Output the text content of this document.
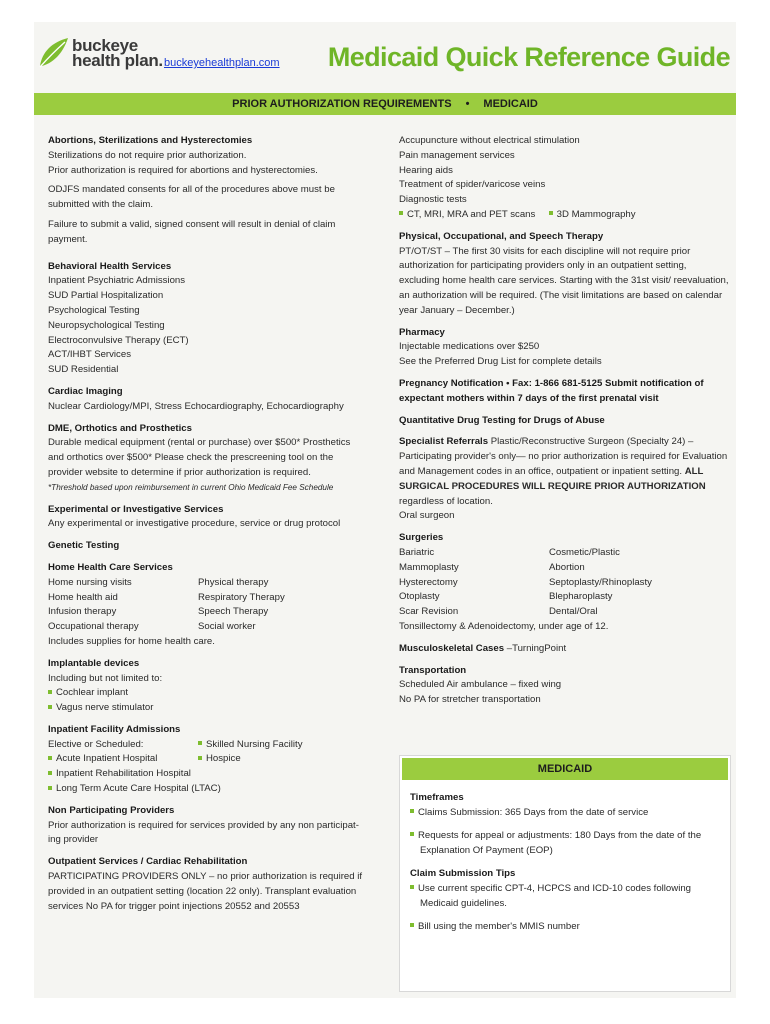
buckeye
health plan. buckeyehealthplan.com Medicaid Quick Reference Guide
PRIOR AUTHORIZATION REQUIREMENTS • MEDICAID
Abortions, Sterilizations and Hysterectomies
Sterilizations do not require prior authorization.
Prior authorization is required for abortions and hysterectomies.
ODJFS mandated consents for all of the procedures above must be submitted with the claim.
Failure to submit a valid, signed consent will result in denial of claim payment.
Behavioral Health Services
Inpatient Psychiatric Admissions
SUD Partial Hospitalization
Psychological Testing
Neuropsychological Testing
Electroconvulsive Therapy (ECT)
ACT/IHBT Services
SUD Residential
Cardiac Imaging
Nuclear Cardiology/MPI, Stress Echocardiography, Echocardiography
DME, Orthotics and Prosthetics
Durable medical equipment (rental or purchase) over $500* Prosthetics and orthotics over $500* Please check the prescreening tool on the provider website to determine if prior authorization is required.
*Threshold based upon reimbursement in current Ohio Medicaid Fee Schedule
Experimental or Investigative Services
Any experimental or investigative procedure, service or drug protocol
Genetic Testing
Home Health Care Services
Home nursing visits
Home health aid
Infusion therapy
Occupational therapy
Physical therapy
Respiratory Therapy
Speech Therapy
Social worker
Includes supplies for home health care.
Implantable devices
Including but not limited to:
Cochlear implant
Vagus nerve stimulator
Inpatient Facility Admissions
Elective or Scheduled:	Skilled Nursing Facility
Acute Inpatient Hospital	Hospice
Inpatient Rehabilitation Hospital
Long Term Acute Care Hospital (LTAC)
Non Participating Providers
Prior authorization is required for services provided by any non participat-ing provider
Outpatient Services / Cardiac Rehabilitation
PARTICIPATING PROVIDERS ONLY – no prior authorization is required if provided in an outpatient setting (location 22 only). Transplant evaluation services No PA for trigger point injections 20552 and 20553
Accupuncture without electrical stimulation
Pain management services
Hearing aids
Treatment of spider/varicose veins
Diagnostic tests
CT, MRI, MRA and PET scans 3D Mammography
Physical, Occupational, and Speech Therapy
PT/OT/ST – The first 30 visits for each discipline will not require prior authorization for participating providers only in an outpatient setting, excluding home health care services. Starting with the 31st visit/ reevaluation, an authorization will be required. (The visit limitations are based on calendar year January – December.)
Pharmacy
Injectable medications over $250
See the Preferred Drug List for complete details
Pregnancy Notification • Fax: 1-866 681-5125 Submit notification of expectant mothers within 7 days of the first prenatal visit
Quantitative Drug Testing for Drugs of Abuse
Specialist Referrals Plastic/Reconstructive Surgeon (Specialty 24) – Participating provider's only— no prior authorization is required for Evaluation and Management codes in an office, outpatient or inpatient setting. ALL SURGICAL PROCEDURES WILL REQUIRE PRIOR AUTHORIZATION regardless of location.
Oral surgeon
Surgeries
Bariatric
Mammoplasty
Hysterectomy
Otoplasty
Scar Revision
Cosmetic/Plastic
Abortion
Septoplasty/Rhinoplasty
Blepharoplasty
Dental/Oral
Tonsillectomy & Adenoidectomy, under age of 12.
Musculoskeletal Cases –TurningPoint
Transportation
Scheduled Air ambulance – fixed wing
No PA for stretcher transportation
MEDICAID
Timeframes
Claims Submission: 365 Days from the date of service
Requests for appeal or adjustments: 180 Days from the date of the Explanation Of Payment (EOP)
Claim Submission Tips
Use current specific CPT-4, HCPCS and ICD-10 codes following Medicaid guidelines.
Bill using the member's MMIS number
